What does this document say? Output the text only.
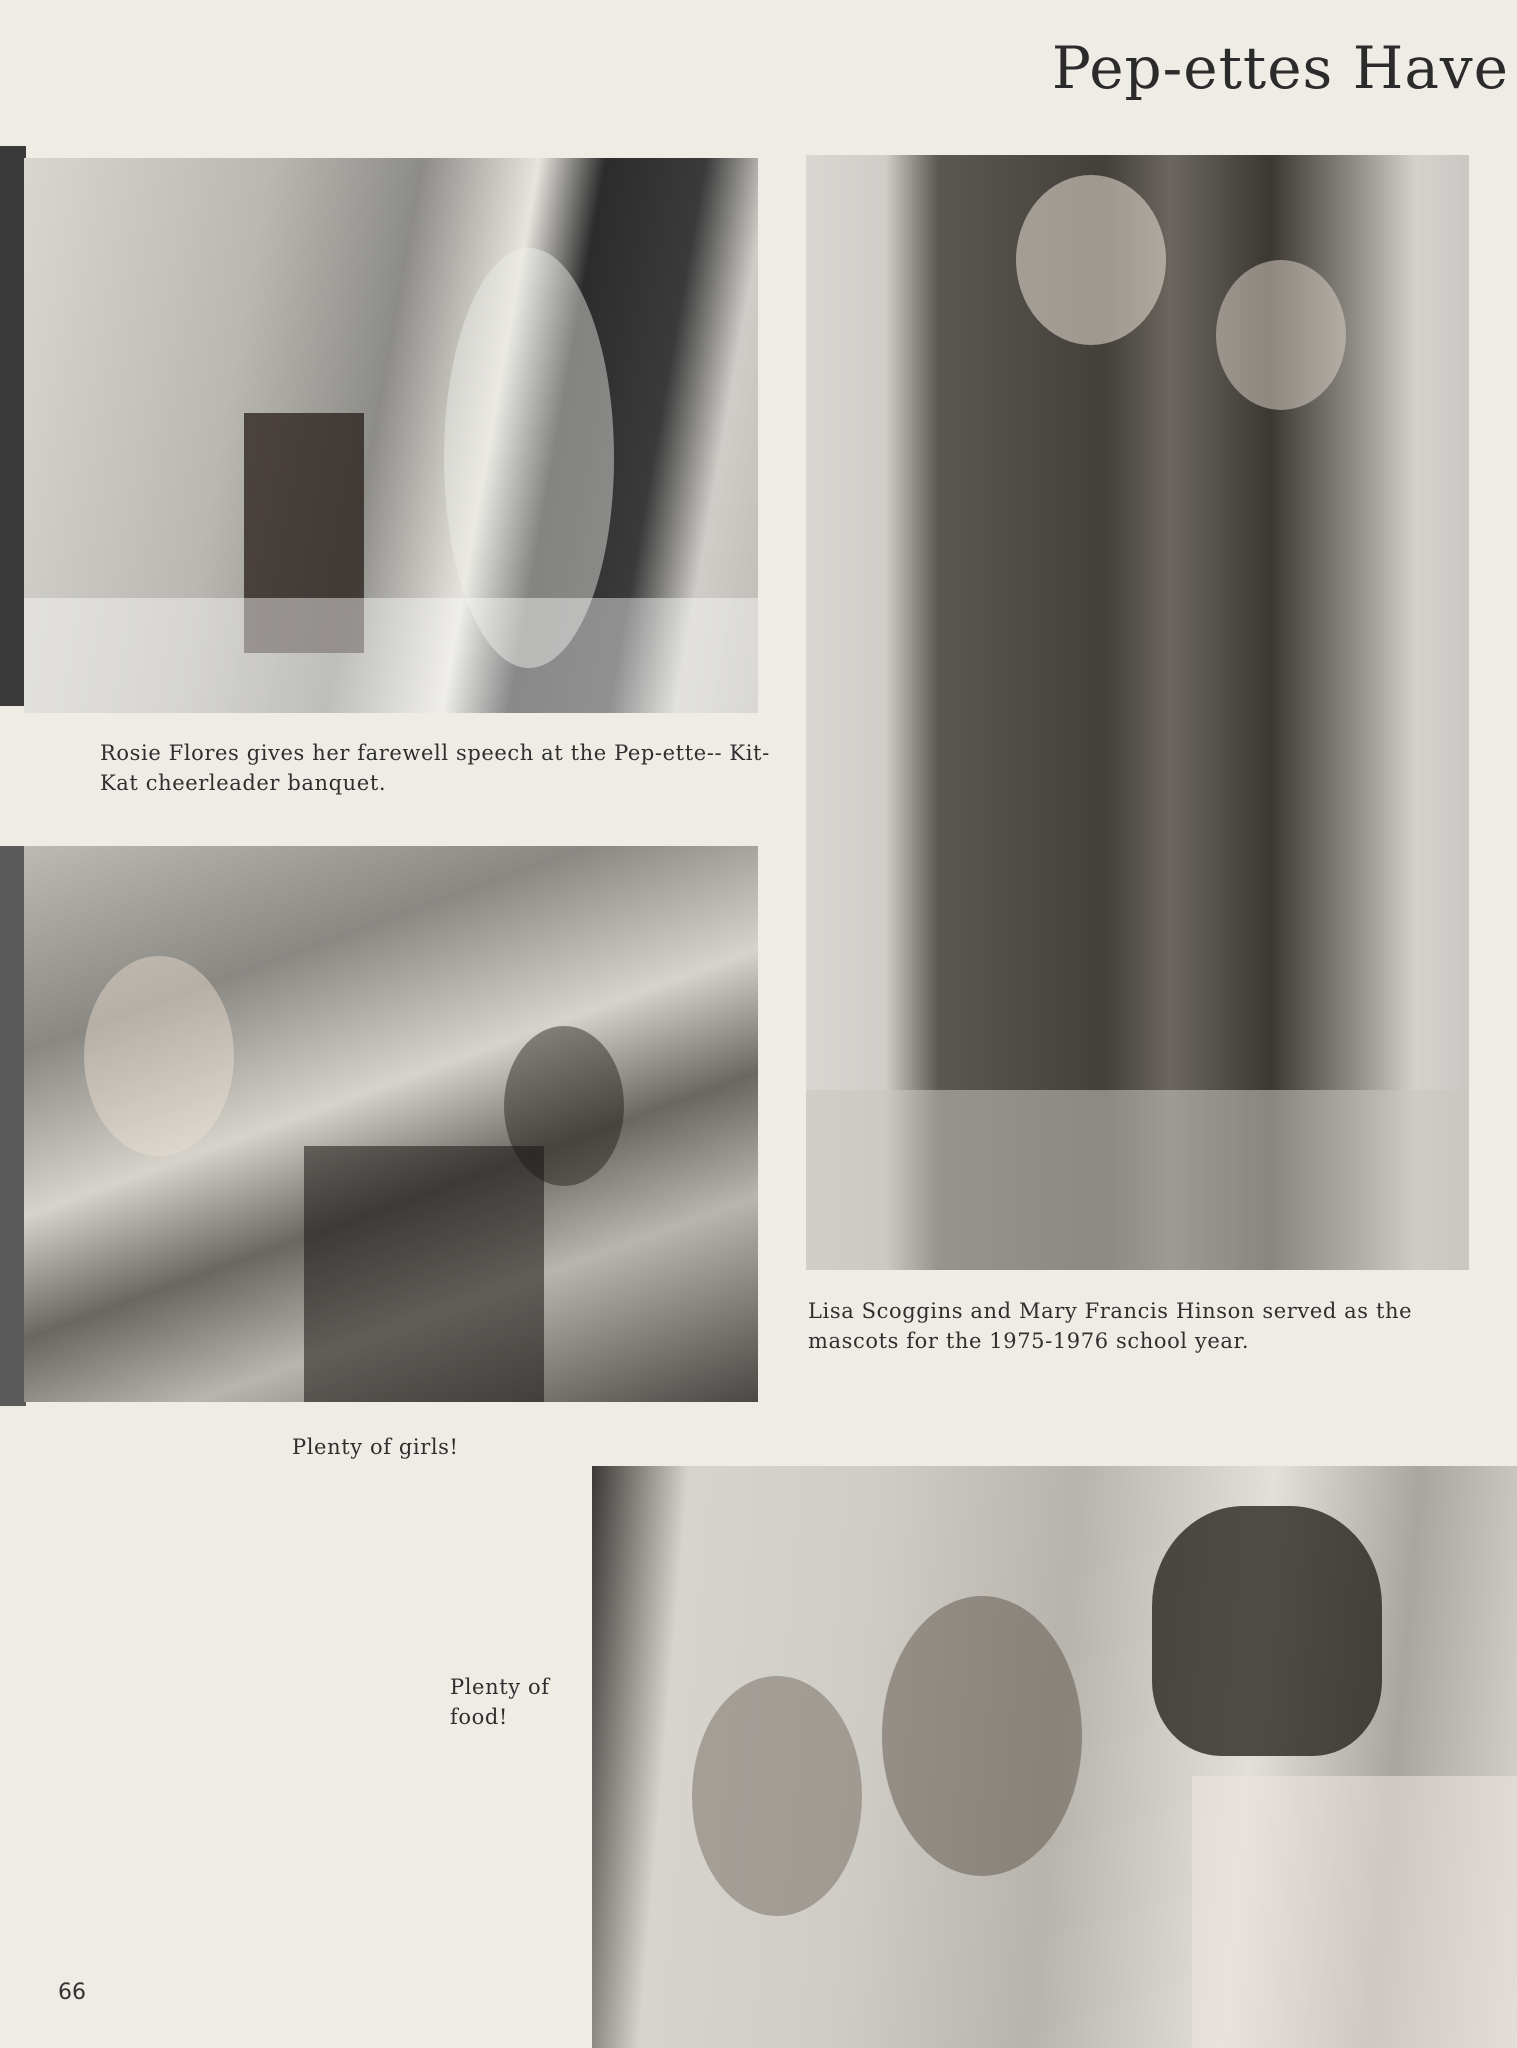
Pep-ettes Have

Rosie Flores gives her farewell speech at the Pep-ette-- Kit-Kat cheerleader banquet.

Lisa Scoggins and Mary Francis Hinson served as the mascots for the 1975-1976 school year.

Plenty of girls!

Plenty of food!

66
